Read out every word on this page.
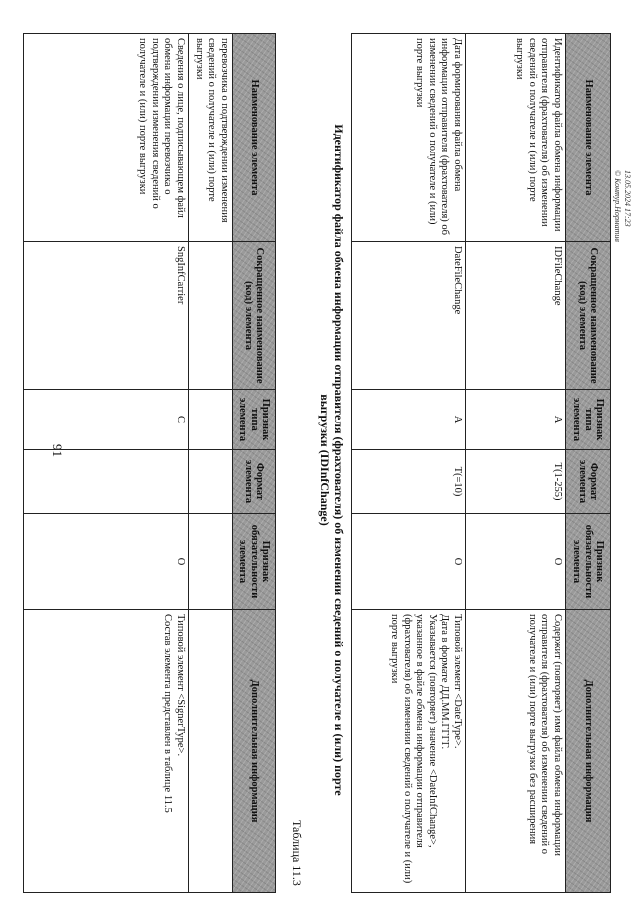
91
Наименование элемента
Сокращенное наименование (код) элемента
Признак типа элемента
Формат элемента
Признак обязательности элемента
Дополнительная информация
перевозчика о подтверждении изменения сведений о получателе и (или) порте выгрузки
Сведения о лице, подписывающем файл обмена информации перевозчика о подтверждении изменения сведений о получателе и (или) порте выгрузки
SngInfCarrier
С
О
Типовой элемент <SignerType>.
Состав элемента представлен в таблице 11.5
Таблица 11.3
Идентификатор файла обмена информации отправителя (фрахтователя) об изменении сведений о получателе и (или) порте
выгрузки (IDInfChange)
Наименование элемента
Сокращенное наименование (код) элемента
Признак типа элемента
Формат элемента
Признак обязательности элемента
Дополнительная информация
Идентификатор файла обмена информации отправителя (фрахтователя) об изменении сведений о получателе и (или) порте выгрузки
IDFileChange
А
T(1-255)
О
Содержит (повторяет) имя файла обмена информации отправителя (фрахтователя) об изменении сведений о получателе и (или) порте выгрузки без расширения
Дата формирования файла обмена информации отправителя (фрахтователя) об изменении сведений о получателе и (или) порте выгрузки
DateFileChange
А
T(=10)
О
Типовой элемент <DateType>.
Дата в формате ДД.ММ.ГГГГ.
Указывается (повторяет) значение <DateInfChange>, указанное в файле обмена информации отправителя (фрахтователя) об изменении сведений о получателе и (или) порте выгрузки
13.05.2024 17:23
© Контур.Норматив
